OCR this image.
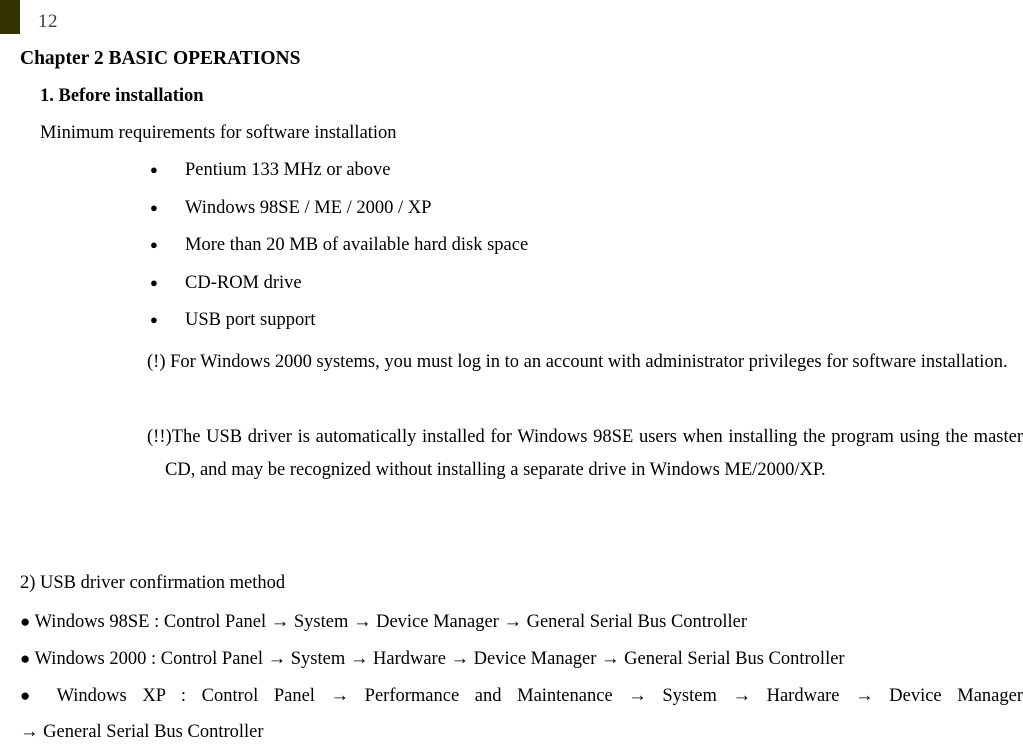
12
Chapter 2 BASIC OPERATIONS
1. Before installation
Minimum requirements for software installation
● Pentium 133 MHz or above
● Windows 98SE / ME / 2000 / XP
● More than 20 MB of available hard disk space
● CD-ROM drive
● USB port support
(!) For Windows 2000 systems, you must log in to an account with administrator privileges for software installation.
(!!)The USB driver is automatically installed for Windows 98SE users when installing the program using the master CD, and may be recognized without installing a separate drive in Windows ME/2000/XP.
2) USB driver confirmation method
● Windows 98SE : Control Panel → System → Device Manager → General Serial Bus Controller
● Windows 2000 : Control Panel → System → Hardware → Device Manager → General Serial Bus Controller
● Windows XP : Control Panel → Performance and Maintenance → System → Hardware → Device Manager
→ General Serial Bus Controller
